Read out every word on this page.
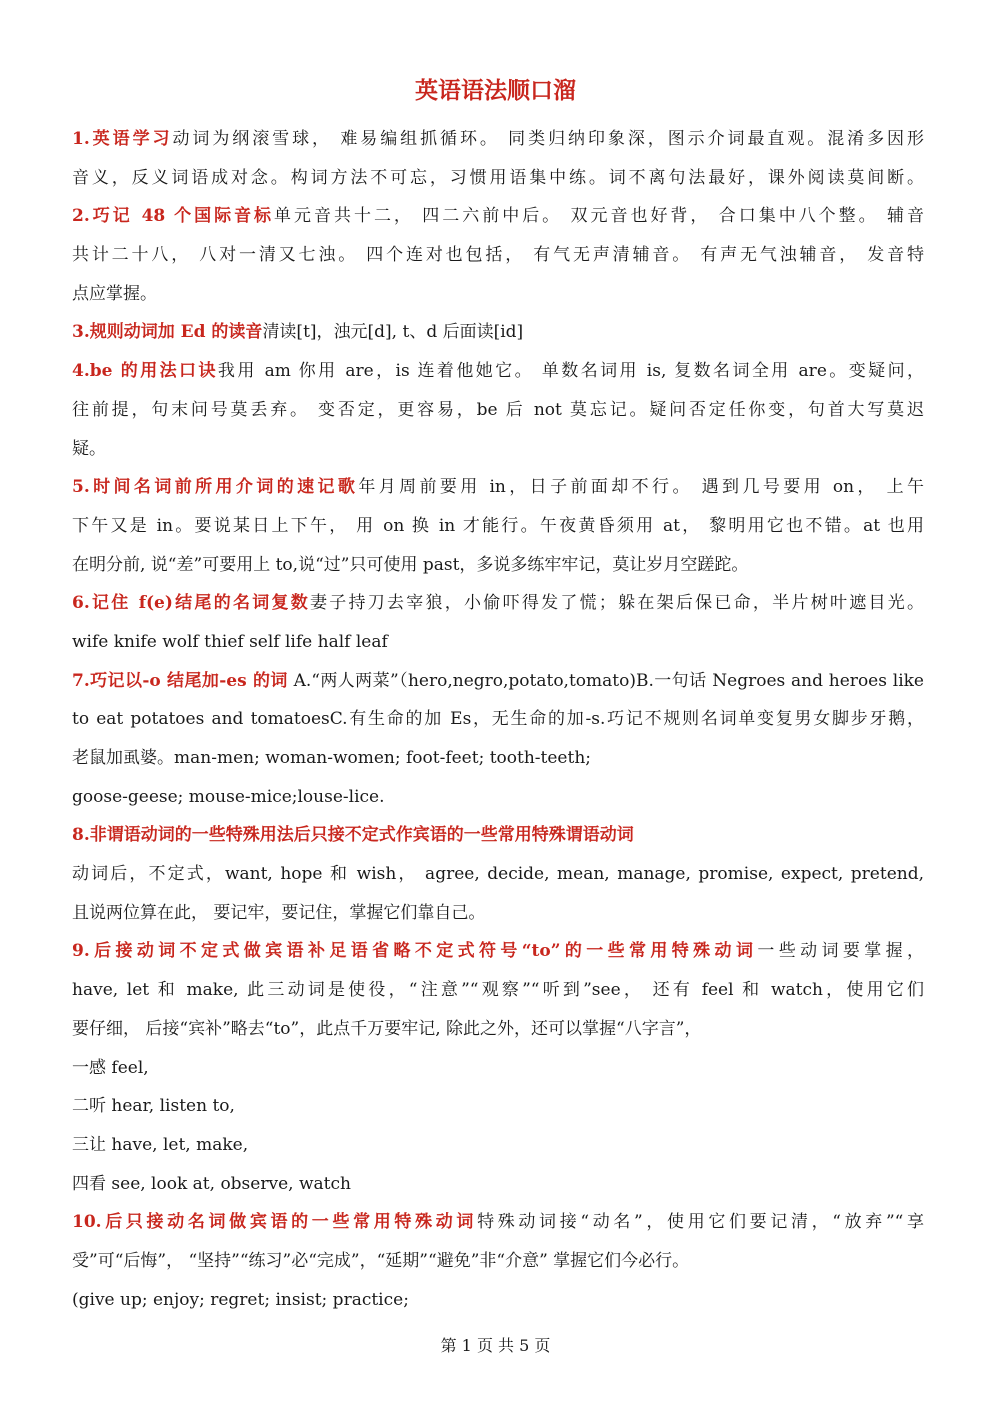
英语语法顺口溜
1.英语学习动词为纲滚雪球， 难易编组抓循环。 同类归纳印象深，图示介词最直观。混淆多因形
音义，反义词语成对念。构词方法不可忘，习惯用语集中练。词不离句法最好，课外阅读莫间断。
2.巧记 48 个国际音标单元音共十二， 四二六前中后。 双元音也好背， 合口集中八个整。 辅音
共计二十八， 八对一清又七浊。 四个连对也包括， 有气无声清辅音。 有声无气浊辅音， 发音特
点应掌握。
3.规则动词加 Ed 的读音清读[t]，浊元[d], t、d 后面读[id]
4.be 的用法口诀我用 am 你用 are，is 连着他她它。 单数名词用 is, 复数名词全用 are。变疑问，
往前提，句末问号莫丢弃。 变否定，更容易，be 后 not 莫忘记。疑问否定任你变，句首大写莫迟
疑。
5.时间名词前所用介词的速记歌年月周前要用 in，日子前面却不行。 遇到几号要用 on， 上午
下午又是 in。要说某日上下午， 用 on 换 in 才能行。午夜黄昏须用 at， 黎明用它也不错。at 也用
在明分前, 说“差”可要用上 to,说“过”只可使用 past，多说多练牢牢记，莫让岁月空蹉跎。
6.记住 f(e)结尾的名词复数妻子持刀去宰狼，小偷吓得发了慌；躲在架后保已命，半片树叶遮目光。
wife knife wolf thief self life half leaf
7.巧记以-o 结尾加-es 的词 A.“两人两菜”（hero,negro,potato,tomato)B.一句话 Negroes and heroes like
to eat potatoes and tomatoesC.有生命的加 Es，无生命的加-s.巧记不规则名词单变复男女脚步牙鹅，
老鼠加虱婆。man-men; woman-women; foot-feet; tooth-teeth;
goose-geese; mouse-mice;louse-lice.
8.非谓语动词的一些特殊用法后只接不定式作宾语的一些常用特殊谓语动词
动词后，不定式，want, hope 和 wish， agree, decide, mean, manage, promise, expect, pretend,
且说两位算在此， 要记牢，要记住，掌握它们靠自己。
9.后接动词不定式做宾语补足语省略不定式符号“to”的一些常用特殊动词一些动词要掌握，
have, let 和 make, 此三动词是使役，“注意”“观察”“听到”see， 还有 feel 和 watch，使用它们
要仔细， 后接“宾补”略去“to”，此点千万要牢记, 除此之外，还可以掌握“八字言”，
一感 feel,
二听 hear, listen to,
三让 have, let, make,
四看 see, look at, observe, watch
10.后只接动名词做宾语的一些常用特殊动词特殊动词接“动名”，使用它们要记清，“放弃”“享
受”可“后悔”， “坚持”“练习”必“完成”，“延期”“避免”非“介意” 掌握它们今必行。
(give up; enjoy; regret; insist; practice;
第 1 页 共 5 页
